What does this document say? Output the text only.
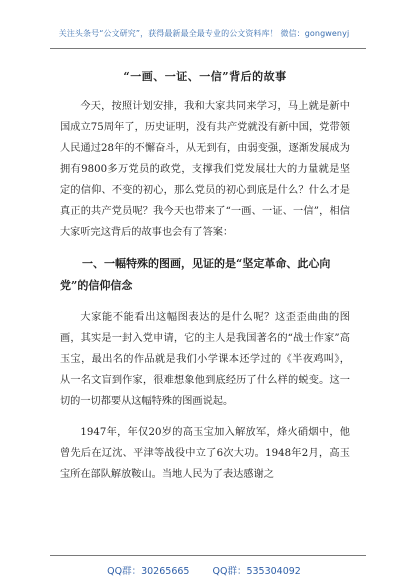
关注头条号“公文研究”，获得最新最全最专业的公文资料库！ 微信：gongwenyj
“一画、一证、一信”背后的故事

今天，按照计划安排，我和大家共同来学习，马上就是新中国成立75周年了，历史证明，没有共产党就没有新中国，党带领人民通过28年的不懈奋斗，从无到有，由弱变强，逐渐发展成为拥有9800多万党员的政党，支撑我们党发展壮大的力量就是坚定的信仰、不变的初心，那么党员的初心到底是什么？什么才是真正的共产党员呢？我今天也带来了“一画、一证、一信”，相信大家听完这背后的故事也会有了答案：

一、一幅特殊的图画，见证的是“坚定革命、此心向党”的信仰信念

大家能不能看出这幅图表达的是什么呢？这歪歪曲曲的图画，其实是一封入党申请，它的主人是我国著名的“战士作家”高玉宝，最出名的作品就是我们小学课本还学过的《半夜鸡叫》，从一名文盲到作家，很难想象他到底经历了什么样的蜕变。这一切的一切都要从这幅特殊的图画说起。

1947年，年仅20岁的高玉宝加入解放军，烽火硝烟中，他曾先后在辽沈、平津等战役中立了6次大功。1948年2月，高玉宝所在部队解放鞍山。当地人民为了表达感谢之

QQ群：30265665 QQ群：535304092
